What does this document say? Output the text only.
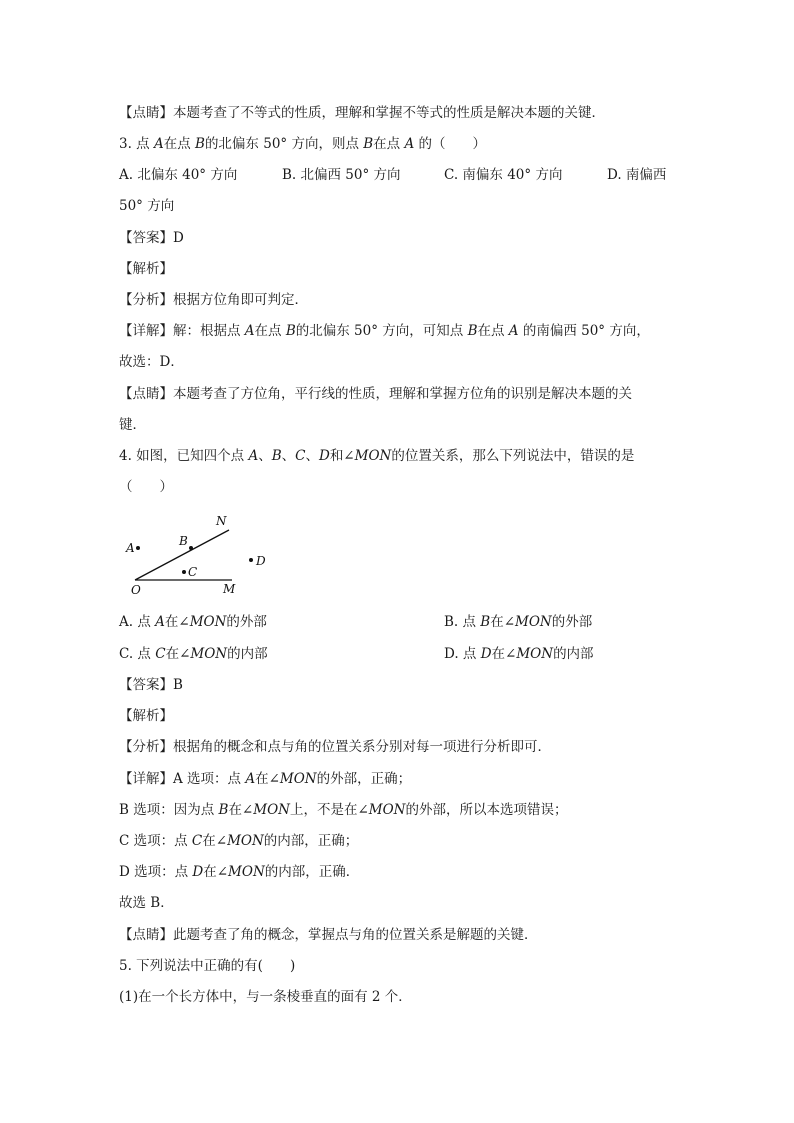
【点睛】本题考查了不等式的性质，理解和掌握不等式的性质是解决本题的关键．
3. 点 A在点 B的北偏东 50° 方向，则点 B在点 A 的（　　）
A. 北偏东 40° 方向	B. 北偏西 50° 方向	C. 南偏东 40° 方向	D. 南偏西
50° 方向
【答案】D
【解析】
【分析】根据方位角即可判定．
【详解】解：根据点 A在点 B的北偏东 50° 方向，可知点 B在点 A 的南偏西 50° 方向，
故选：D．
【点睛】本题考查了方位角，平行线的性质，理解和掌握方位角的识别是解决本题的关
键．
4. 如图，已知四个点 A、B、C、D和∠MON的位置关系，那么下列说法中，错误的是
（　　）
N
A	B
C
D
O	M
A. 点 A在∠MON的外部	B. 点 B在∠MON的外部
C. 点 C在∠MON的内部	D. 点 D在∠MON的内部
【答案】B
【解析】
【分析】根据角的概念和点与角的位置关系分别对每一项进行分析即可．
【详解】A 选项：点 A在∠MON的外部，正确；
B 选项：因为点 B在∠MON上，不是在∠MON的外部，所以本选项错误；
C 选项：点 C在∠MON的内部，正确；
D 选项：点 D在∠MON的内部，正确．
故选 B．
【点睛】此题考查了角的概念，掌握点与角的位置关系是解题的关键．
5. 下列说法中正确的有(　　)
(1)在一个长方体中，与一条棱垂直的面有 2 个．
